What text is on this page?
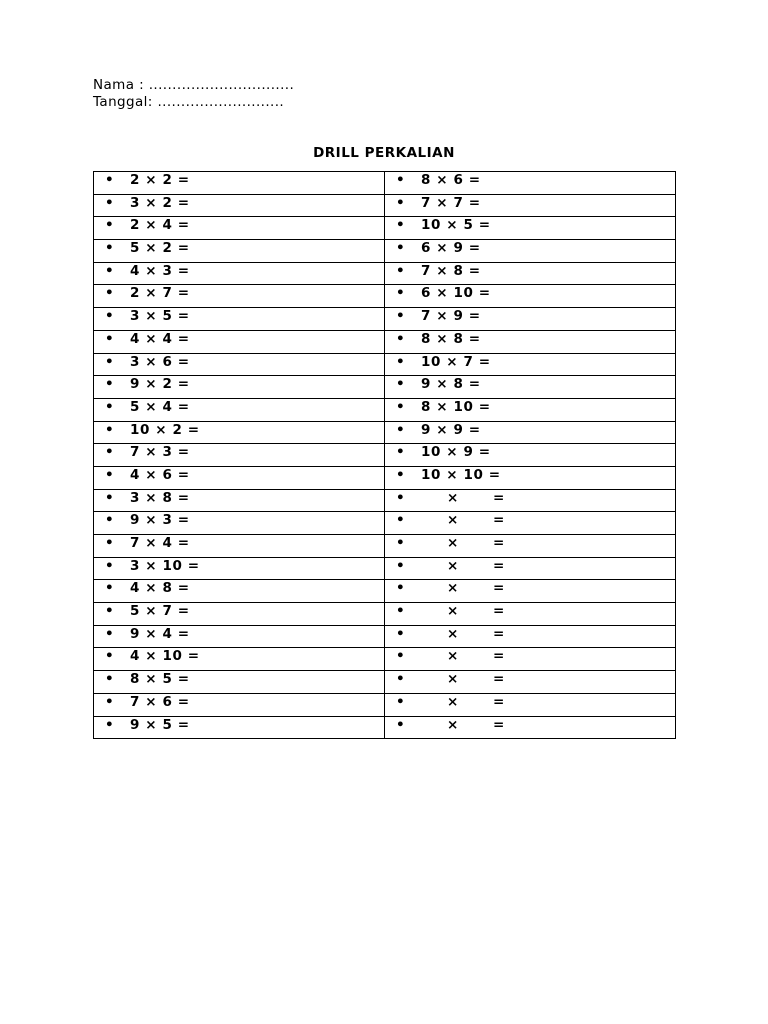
Nama : ...............................
Tanggal: ...........................
DRILL PERKALIAN
• 2 × 2 =	• 8 × 6 =

• 3 × 2 =	• 7 × 7 =

• 2 × 4 =	• 10 × 5 =

• 5 × 2 =	• 6 × 9 =

• 4 × 3 =	• 7 × 8 =

• 2 × 7 =	• 6 × 10 =

• 3 × 5 =	• 7 × 9 =

• 4 × 4 =	• 8 × 8 =

• 3 × 6 =	• 10 × 7 =

• 9 × 2 =	• 9 × 8 =

• 5 × 4 =	• 8 × 10 =

• 10 × 2 =	• 9 × 9 =

• 7 × 3 =	• 10 × 9 =

• 4 × 6 =	• 10 × 10 =

• 3 × 8 =	• × =

• 9 × 3 =	• × =

• 7 × 4 =	• × =

• 3 × 10 =	• × =

• 4 × 8 =	• × =

• 5 × 7 =	• × =

• 9 × 4 =	• × =

• 4 × 10 =	• × =

• 8 × 5 =	• × =

• 7 × 6 =	• × =

• 9 × 5 =	• × =
